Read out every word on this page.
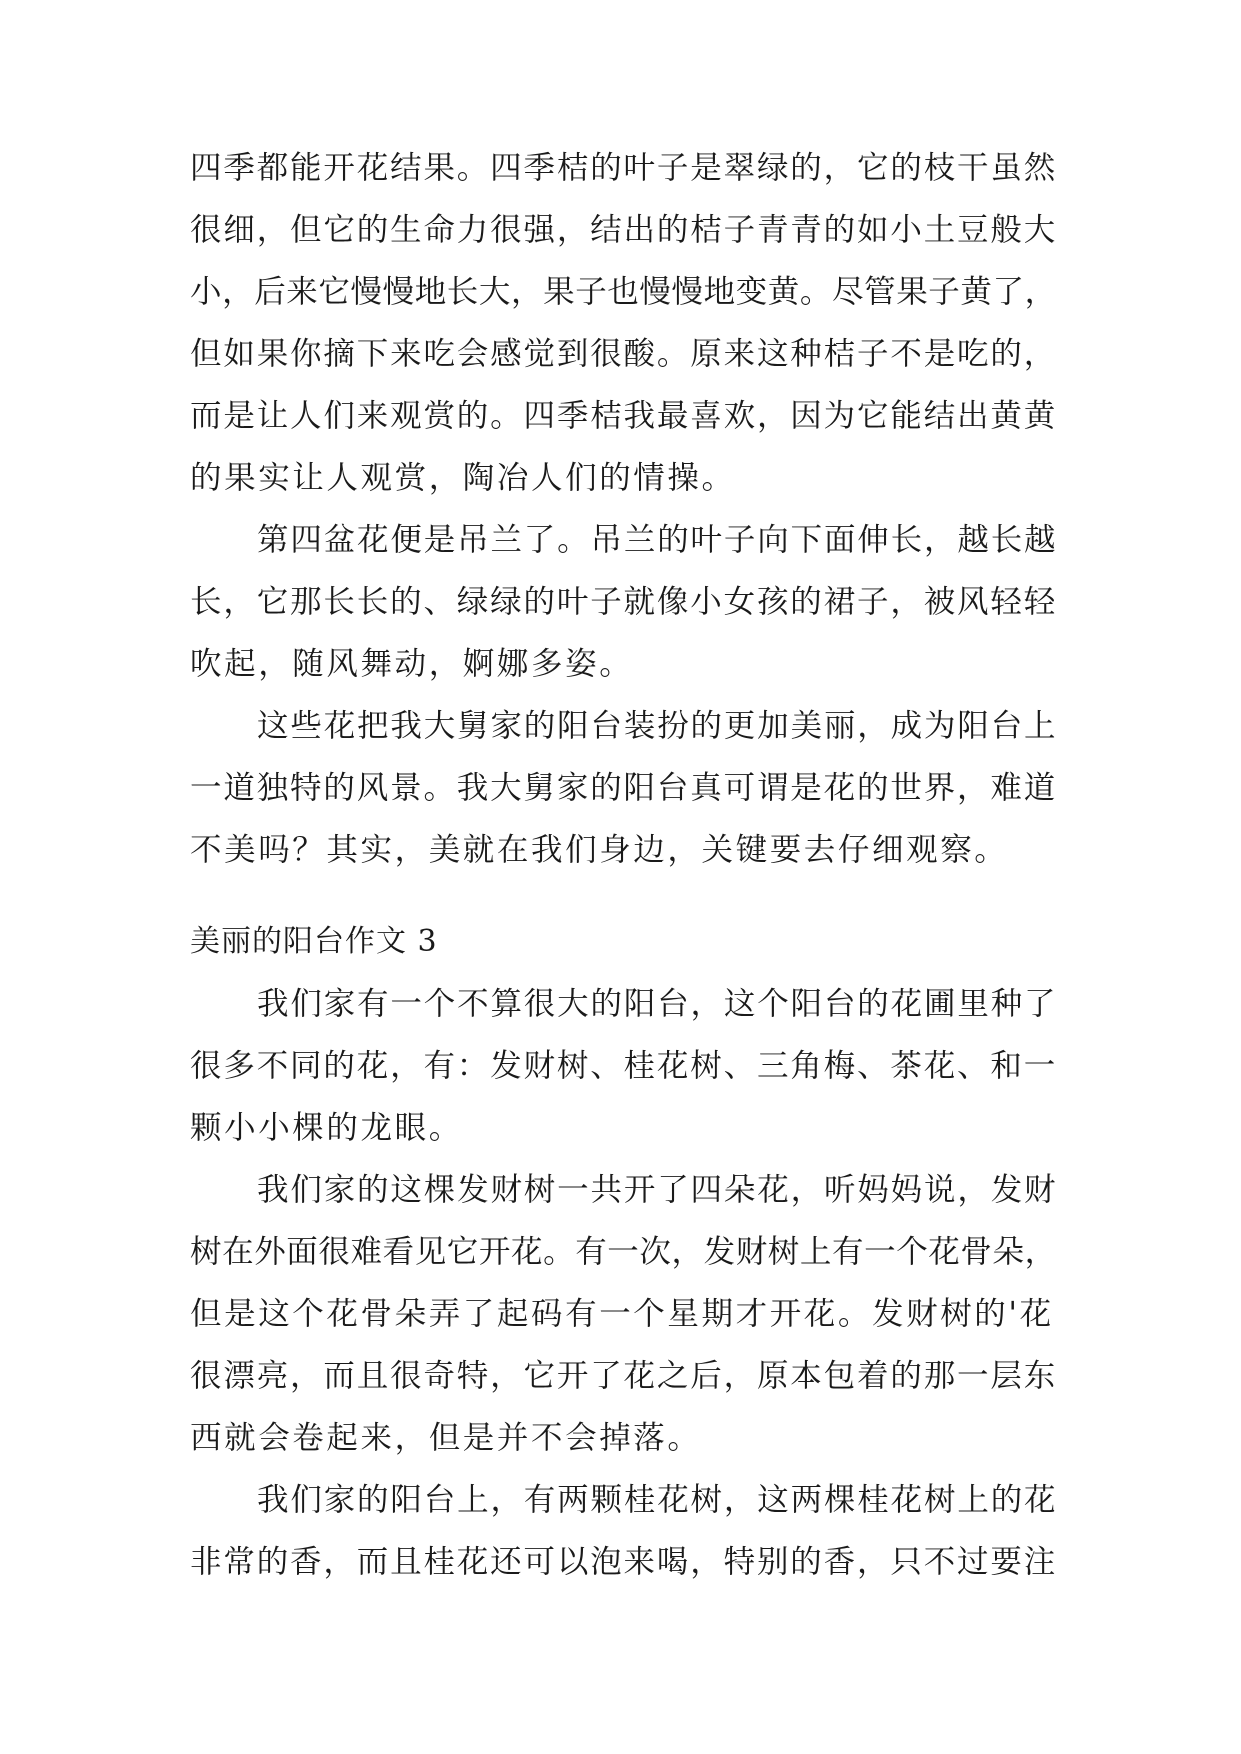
四季都能开花结果。四季桔的叶子是翠绿的，它的枝干虽然
很细，但它的生命力很强，结出的桔子青青的如小土豆般大
小，后来它慢慢地长大，果子也慢慢地变黄。尽管果子黄了，
但如果你摘下来吃会感觉到很酸。原来这种桔子不是吃的，
而是让人们来观赏的。四季桔我最喜欢，因为它能结出黄黄
的果实让人观赏，陶冶人们的情操。
第四盆花便是吊兰了。吊兰的叶子向下面伸长，越长越
长，它那长长的、绿绿的叶子就像小女孩的裙子，被风轻轻
吹起，随风舞动，婀娜多姿。
这些花把我大舅家的阳台装扮的更加美丽，成为阳台上
一道独特的风景。我大舅家的阳台真可谓是花的世界，难道
不美吗？其实，美就在我们身边，关键要去仔细观察。
美丽的阳台作文 3
我们家有一个不算很大的阳台，这个阳台的花圃里种了
很多不同的花，有：发财树、桂花树、三角梅、茶花、和一
颗小小棵的龙眼。
我们家的这棵发财树一共开了四朵花，听妈妈说，发财
树在外面很难看见它开花。有一次，发财树上有一个花骨朵，
但是这个花骨朵弄了起码有一个星期才开花。发财树的'花
很漂亮，而且很奇特，它开了花之后，原本包着的那一层东
西就会卷起来，但是并不会掉落。
我们家的阳台上，有两颗桂花树，这两棵桂花树上的花
非常的香，而且桂花还可以泡来喝，特别的香，只不过要注
